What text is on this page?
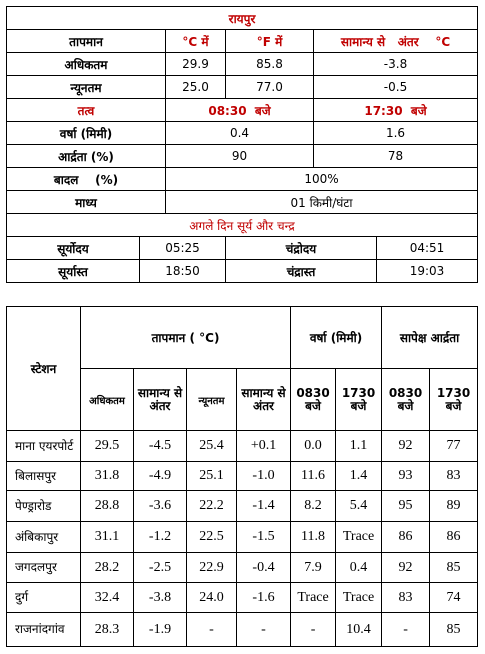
रायपुर					
तापमान		°C में	°F में	सामान्य से   अंतर    °C	
अधिकतम		29.9	85.8	-3.8	
न्यूनतम		25.0	77.0	-0.5	
तत्व		08:30  बजे		17:30  बजे	
वर्षा (मिमी)		0.4		1.6	
आर्द्रता (%)		90		78	
बादल    (%)		100%			
माध्य		01 किमी/घंटा			
अगले दिन सूर्य और चन्द्र					
सूर्योदय	05:25		चंद्रोदय		04:51
सूर्यास्त	18:50		चंद्रास्त		19:03
स्टेशन	तापमान ( °C)				वर्षा (मिमी)		सापेक्ष आर्द्रता	
	अधिकतम	सामान्य से अंतर	न्यूनतम	सामान्य से अंतर	0830 बजे	1730 बजे	0830 बजे	1730 बजे
माना एयरपोर्ट	29.5	-4.5	25.4	+0.1	0.0	1.1	92	77
बिलासपुर	31.8	-4.9	25.1	-1.0	11.6	1.4	93	83
पेण्ड्रारोड	28.8	-3.6	22.2	-1.4	8.2	5.4	95	89
अंबिकापुर	31.1	-1.2	22.5	-1.5	11.8	Trace	86	86
जगदलपुर	28.2	-2.5	22.9	-0.4	7.9	0.4	92	85
दुर्ग	32.4	-3.8	24.0	-1.6	Trace	Trace	83	74
राजनांदगांव	28.3	-1.9	-	-	-	10.4	-	85
